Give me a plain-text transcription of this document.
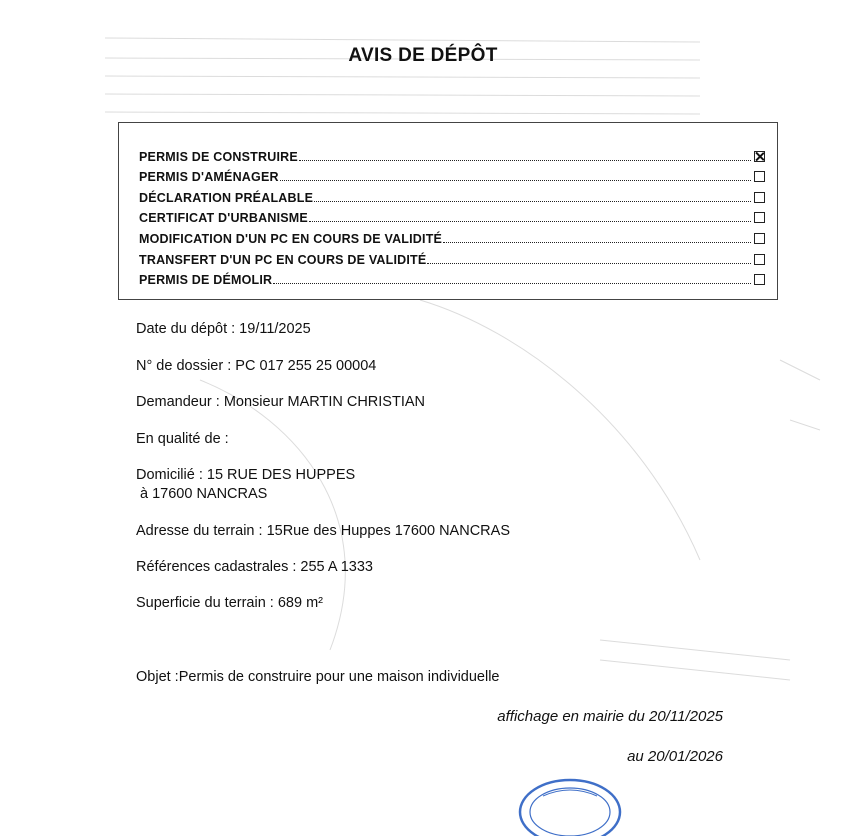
AVIS DE DÉPÔT
PERMIS DE CONSTRUIRE
PERMIS D'AMÉNAGER
DÉCLARATION PRÉALABLE
CERTIFICAT D'URBANISME
MODIFICATION D'UN PC EN COURS DE VALIDITÉ
TRANSFERT D'UN PC EN COURS DE VALIDITÉ
PERMIS DE DÉMOLIR
Date du dépôt : 19/11/2025
N° de dossier : PC 017 255 25 00004
Demandeur : Monsieur MARTIN CHRISTIAN
En qualité de :
Domicilié : 15 RUE DES HUPPES
à 17600 NANCRAS
Adresse du terrain : 15Rue des Huppes 17600 NANCRAS
Références cadastrales : 255 A 1333
Superficie du terrain : 689 m²
Objet :Permis de construire pour une maison individuelle
affichage en mairie du 20/11/2025
au 20/01/2026
